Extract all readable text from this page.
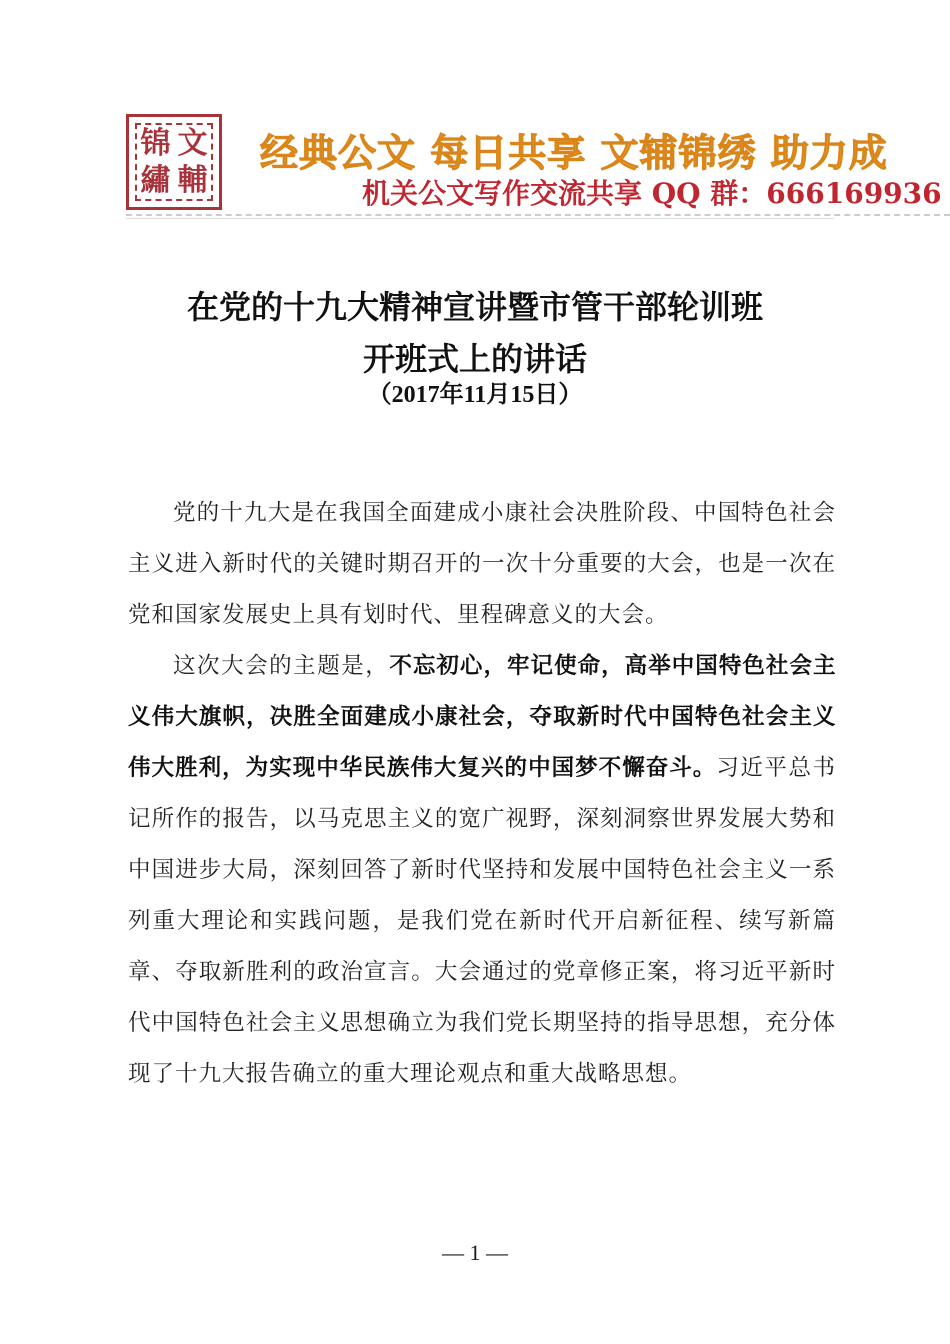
锦 文
繡 輔
经典公文 每日共享 文辅锦绣 助力成
机关公文写作交流共享 QQ 群：666169936
在党的十九大精神宣讲暨市管干部轮训班
开班式上的讲话
（2017年11月15日）

党的十九大是在我国全面建成小康社会决胜阶段、中国特色社会主义进入新时代的关键时期召开的一次十分重要的大会，也是一次在党和国家发展史上具有划时代、里程碑意义的大会。

这次大会的主题是，不忘初心，牢记使命，高举中国特色社会主义伟大旗帜，决胜全面建成小康社会，夺取新时代中国特色社会主义伟大胜利，为实现中华民族伟大复兴的中国梦不懈奋斗。习近平总书记所作的报告，以马克思主义的宽广视野，深刻洞察世界发展大势和中国进步大局，深刻回答了新时代坚持和发展中国特色社会主义一系列重大理论和实践问题，是我们党在新时代开启新征程、续写新篇章、夺取新胜利的政治宣言。大会通过的党章修正案，将习近平新时代中国特色社会主义思想确立为我们党长期坚持的指导思想，充分体现了十九大报告确立的重大理论观点和重大战略思想。

— 1 —
